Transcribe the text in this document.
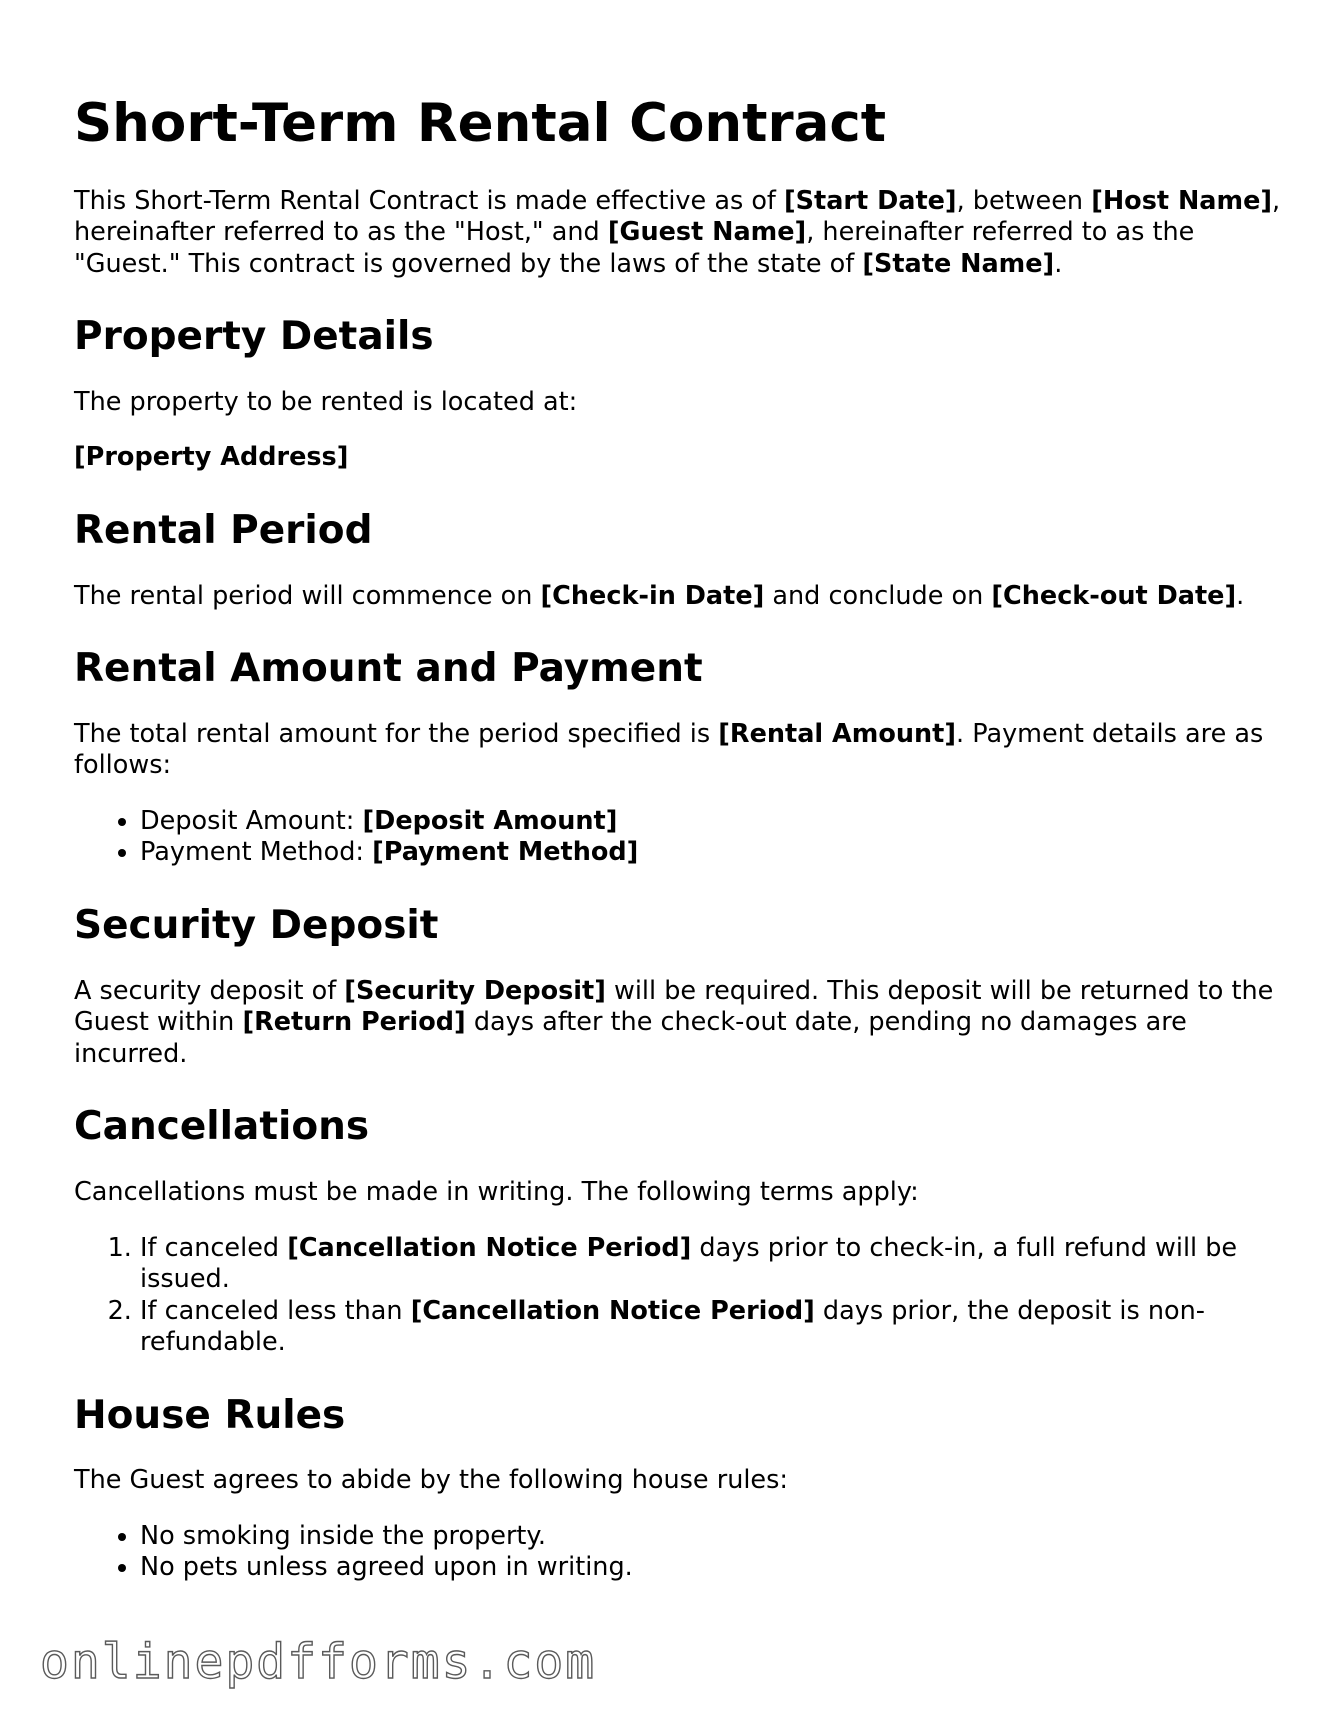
Short-Term Rental Contract

This Short-Term Rental Contract is made effective as of [Start Date], between [Host Name], hereinafter referred to as the "Host," and [Guest Name], hereinafter referred to as the "Guest." This contract is governed by the laws of the state of [State Name].

Property Details

The property to be rented is located at:

[Property Address]

Rental Period

The rental period will commence on [Check-in Date] and conclude on [Check-out Date].

Rental Amount and Payment

The total rental amount for the period specified is [Rental Amount]. Payment details are as follows:

• Deposit Amount: [Deposit Amount]
• Payment Method: [Payment Method]
Security Deposit

A security deposit of [Security Deposit] will be required. This deposit will be returned to the Guest within [Return Period] days after the check-out date, pending no damages are incurred.

Cancellations

Cancellations must be made in writing. The following terms apply:

1. If canceled [Cancellation Notice Period] days prior to check-in, a full refund will be issued.
2. If canceled less than [Cancellation Notice Period] days prior, the deposit is non-refundable.
House Rules

The Guest agrees to abide by the following house rules:

• No smoking inside the property.
• No pets unless agreed upon in writing.
onlinepdfforms.com
